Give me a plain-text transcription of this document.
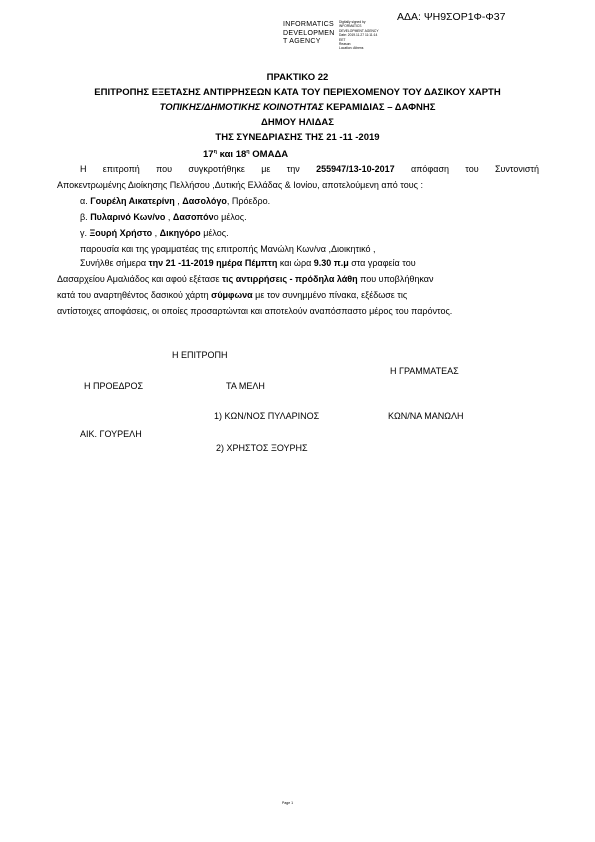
ΑΔΑ: ΨΗ9ΣΟΡ1Φ-Φ37
INFORMATICS
DEVELOPMEN
T AGENCY
Digitally signed by
INFORMATICS
DEVELOPMENT AGENCY
Date: 2019.11.27 11:11:14
EET
Reason:
Location: Athens
ΠΡΑΚΤΙΚΟ 22
ΕΠΙΤΡΟΠΗΣ ΕΞΕΤΑΣΗΣ ΑΝΤΙΡΡΗΣΕΩΝ ΚΑΤΑ ΤΟΥ ΠΕΡΙΕΧΟΜΕΝΟΥ ΤΟΥ ΔΑΣΙΚΟΥ ΧΑΡΤΗ
ΤΟΠΙΚΗΣ/ΔΗΜΟΤΙΚΗΣ ΚΟΙΝΟΤΗΤΑΣ ΚΕΡΑΜΙΔΙΑΣ – ΔΑΦΝΗΣ
ΔΗΜΟΥ ΗΛΙΔΑΣ
ΤΗΣ ΣΥΝΕΔΡΙΑΣΗΣ ΤΗΣ 21 -11 -2019
$17^\eta$ και $18^\eta$ ΟΜΑΔΑ
Η επιτροπή που συγκροτήθηκε με την 255947/13-10-2017 απόφαση του Συντονιστή
Αποκεντρωμένης Διοίκησης Πελλήσου ,Δυτικής Ελλάδας & Ιονίου, αποτελούμενη από τους :
α. Γουρέλη Αικατερίνη , Δασολόγο, Πρόεδρο.
β. Πυλαρινό Κων/νο , Δασοπόνο μέλος.
γ. Ξουρή Χρήστο , Δικηγόρο μέλος.
παρουσία και της γραμματέας της επιτροπής Μανώλη Κων/να ,Διοικητικό ,
Συνήλθε σήμερα την 21 -11-2019 ημέρα Πέμπτη και ώρα 9.30 π.μ στα γραφεία του
Δασαρχείου Αμαλιάδος και αφού εξέτασε τις αντιρρήσεις - πρόδηλα λάθη που υποβλήθηκαν
κατά του αναρτηθέντος δασικού χάρτη σύμφωνα με τον συνημμένο πίνακα, εξέδωσε τις
αντίστοιχες αποφάσεις, οι οποίες προσαρτώνται και αποτελούν αναπόσπαστο μέρος του παρόντος.
Η ΕΠΙΤΡΟΠΗ
Η ΓΡΑΜΜΑΤΕΑΣ
Η ΠΡΟΕΔΡΟΣ	ΤΑ ΜΕΛΗ
1) ΚΩΝ/ΝΟΣ ΠΥΛΑΡΙΝΟΣ	ΚΩΝ/ΝΑ ΜΑΝΩΛΗ
ΑΙΚ. ΓΟΥΡΕΛΗ
2) ΧΡΗΣΤΟΣ ΞΟΥΡΗΣ
Page 1
